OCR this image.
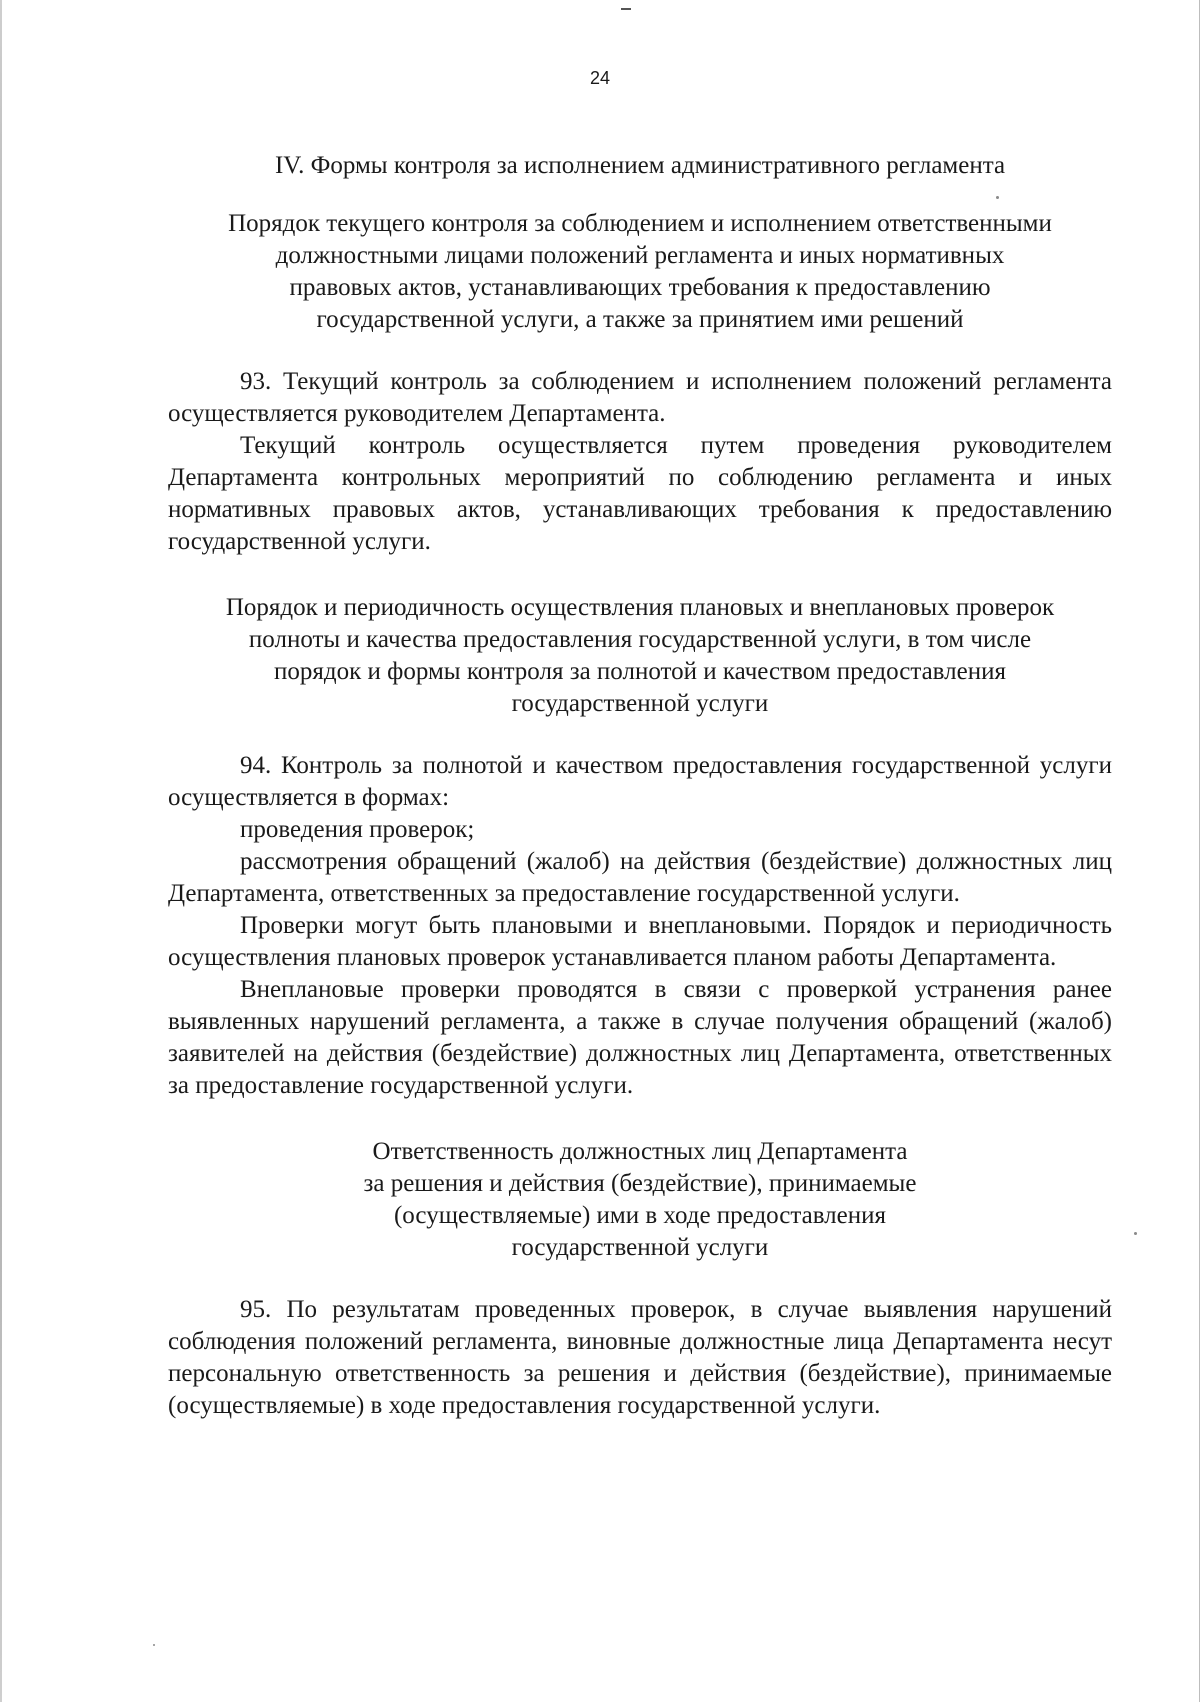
24
IV. Формы контроля за исполнением административного регламента
Порядок текущего контроля за соблюдением и исполнением ответственными
должностными лицами положений регламента и иных нормативных
правовых актов, устанавливающих требования к предоставлению
государственной услуги, а также за принятием ими решений

93. Текущий контроль за соблюдением и исполнением положений регламента осуществляется руководителем Департамента.

Текущий контроль осуществляется путем проведения руководителем Департамента контрольных мероприятий по соблюдению регламента и иных нормативных правовых актов, устанавливающих требования к предоставлению государственной услуги.

Порядок и периодичность осуществления плановых и внеплановых проверок
полноты и качества предоставления государственной услуги, в том числе
порядок и формы контроля за полнотой и качеством предоставления
государственной услуги

94. Контроль за полнотой и качеством предоставления государственной услуги осуществляется в формах:

проведения проверок;

рассмотрения обращений (жалоб) на действия (бездействие) должностных лиц Департамента, ответственных за предоставление государственной услуги.

Проверки могут быть плановыми и внеплановыми. Порядок и периодичность осуществления плановых проверок устанавливается планом работы Департамента.

Внеплановые проверки проводятся в связи с проверкой устранения ранее выявленных нарушений регламента, а также в случае получения обращений (жалоб) заявителей на действия (бездействие) должностных лиц Департамента, ответственных за предоставление государственной услуги.

Ответственность должностных лиц Департамента
за решения и действия (бездействие), принимаемые
(осуществляемые) ими в ходе предоставления
государственной услуги

95. По результатам проведенных проверок, в случае выявления нарушений соблюдения положений регламента, виновные должностные лица Департамента несут персональную ответственность за решения и действия (бездействие), принимаемые (осуществляемые) в ходе предоставления государственной услуги.
